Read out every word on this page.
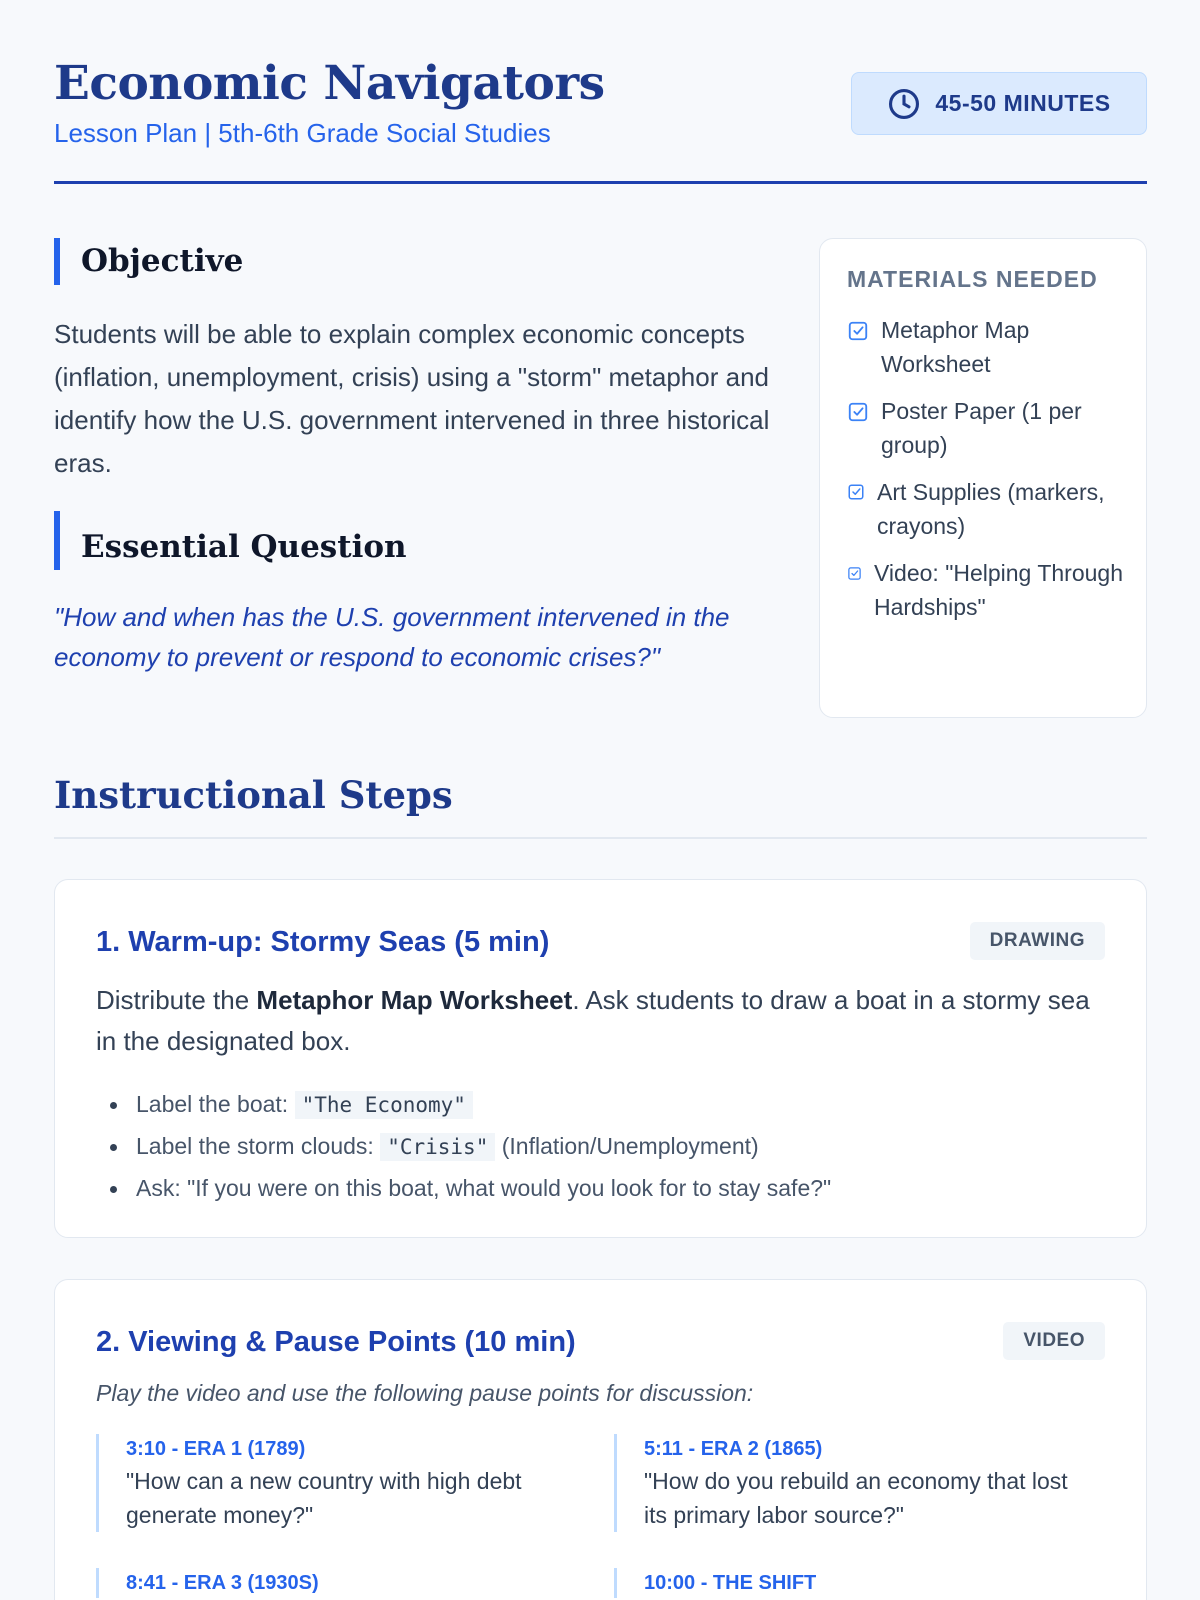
Economic Navigators
Lesson Plan | 5th-6th Grade Social Studies
45-50 MINUTES
Objective

Students will be able to explain complex economic concepts (inflation, unemployment, crisis) using a "storm" metaphor and identify how the U.S. government intervened in three historical eras.

Essential Question

"How and when has the U.S. government intervened in the economy to prevent or respond to economic crises?"

MATERIALS NEEDED
Metaphor Map Worksheet
Poster Paper (1 per group)
Art Supplies (markers, crayons)
Video: "Helping Through Hardships"
Instructional Steps
1. Warm-up: Stormy Seas (5 min)	DRAWING

Distribute the Metaphor Map Worksheet. Ask students to draw a boat in a stormy sea in the designated box.

Label the boat: "The Economy"
Label the storm clouds: "Crisis" (Inflation/Unemployment)
Ask: "If you were on this boat, what would you look for to stay safe?"
2. Viewing & Pause Points (10 min)	VIDEO

Play the video and use the following pause points for discussion:

3:10 - ERA 1 (1789)
"How can a new country with high debt generate money?"
5:11 - ERA 2 (1865)
"How do you rebuild an economy that lost its primary labor source?"
8:41 - ERA 3 (1930S)	10:00 - THE SHIFT
